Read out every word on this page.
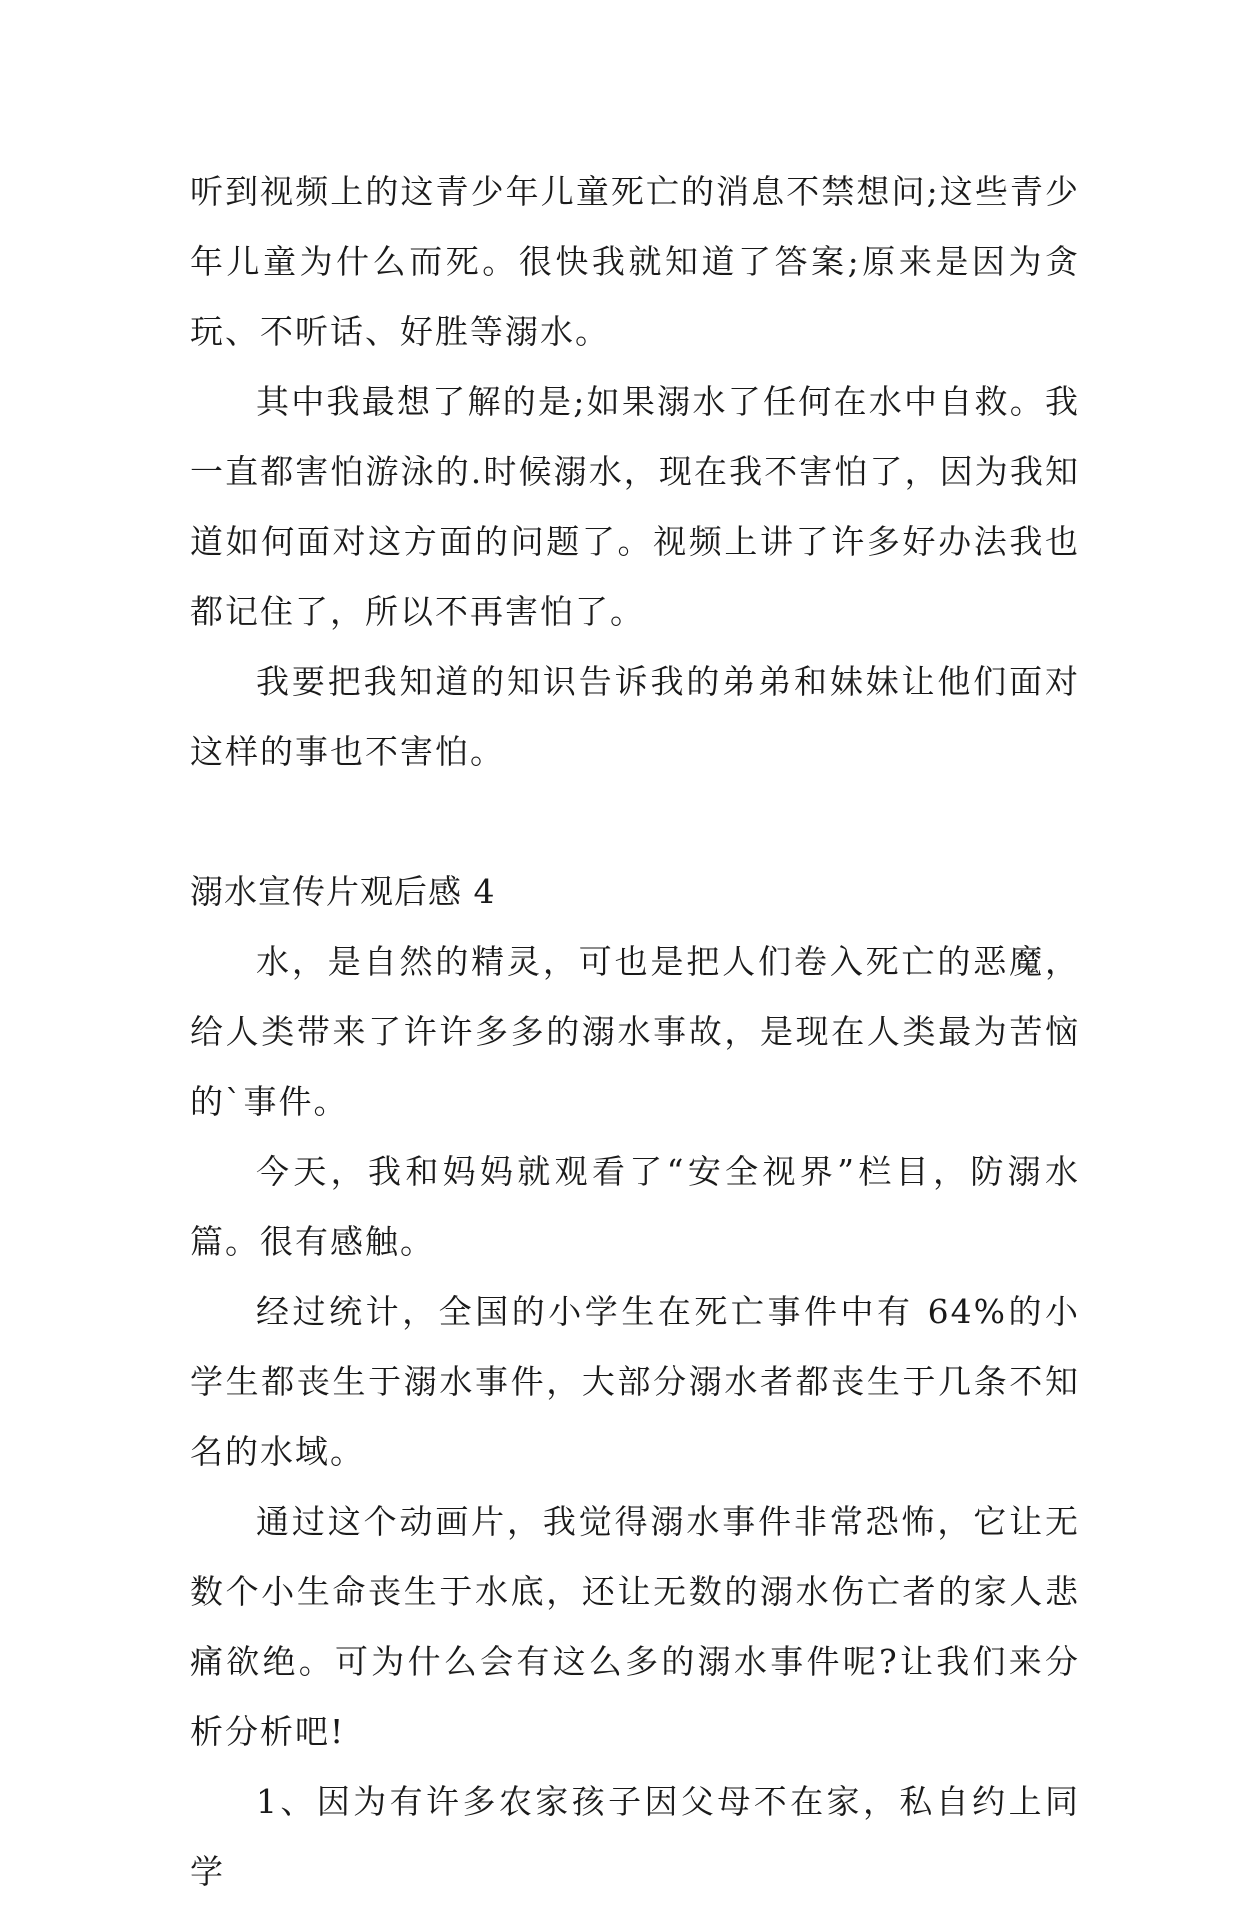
听到视频上的这青少年儿童死亡的消息不禁想问;这些青少年儿童为什么而死。很快我就知道了答案;原来是因为贪玩、不听话、好胜等溺水。

其中我最想了解的是;如果溺水了任何在水中自救。我一直都害怕游泳的.时候溺水，现在我不害怕了，因为我知道如何面对这方面的问题了。视频上讲了许多好办法我也都记住了，所以不再害怕了。

我要把我知道的知识告诉我的弟弟和妹妹让他们面对这样的事也不害怕。

溺水宣传片观后感 4

水，是自然的精灵，可也是把人们卷入死亡的恶魔，给人类带来了许许多多的溺水事故，是现在人类最为苦恼的`事件。

今天，我和妈妈就观看了“安全视界”栏目，防溺水篇。很有感触。

经过统计，全国的小学生在死亡事件中有 64%的小学生都丧生于溺水事件，大部分溺水者都丧生于几条不知名的水域。

通过这个动画片，我觉得溺水事件非常恐怖，它让无数个小生命丧生于水底，还让无数的溺水伤亡者的家人悲痛欲绝。可为什么会有这么多的溺水事件呢?让我们来分析分析吧!

1、因为有许多农家孩子因父母不在家，私自约上同学
